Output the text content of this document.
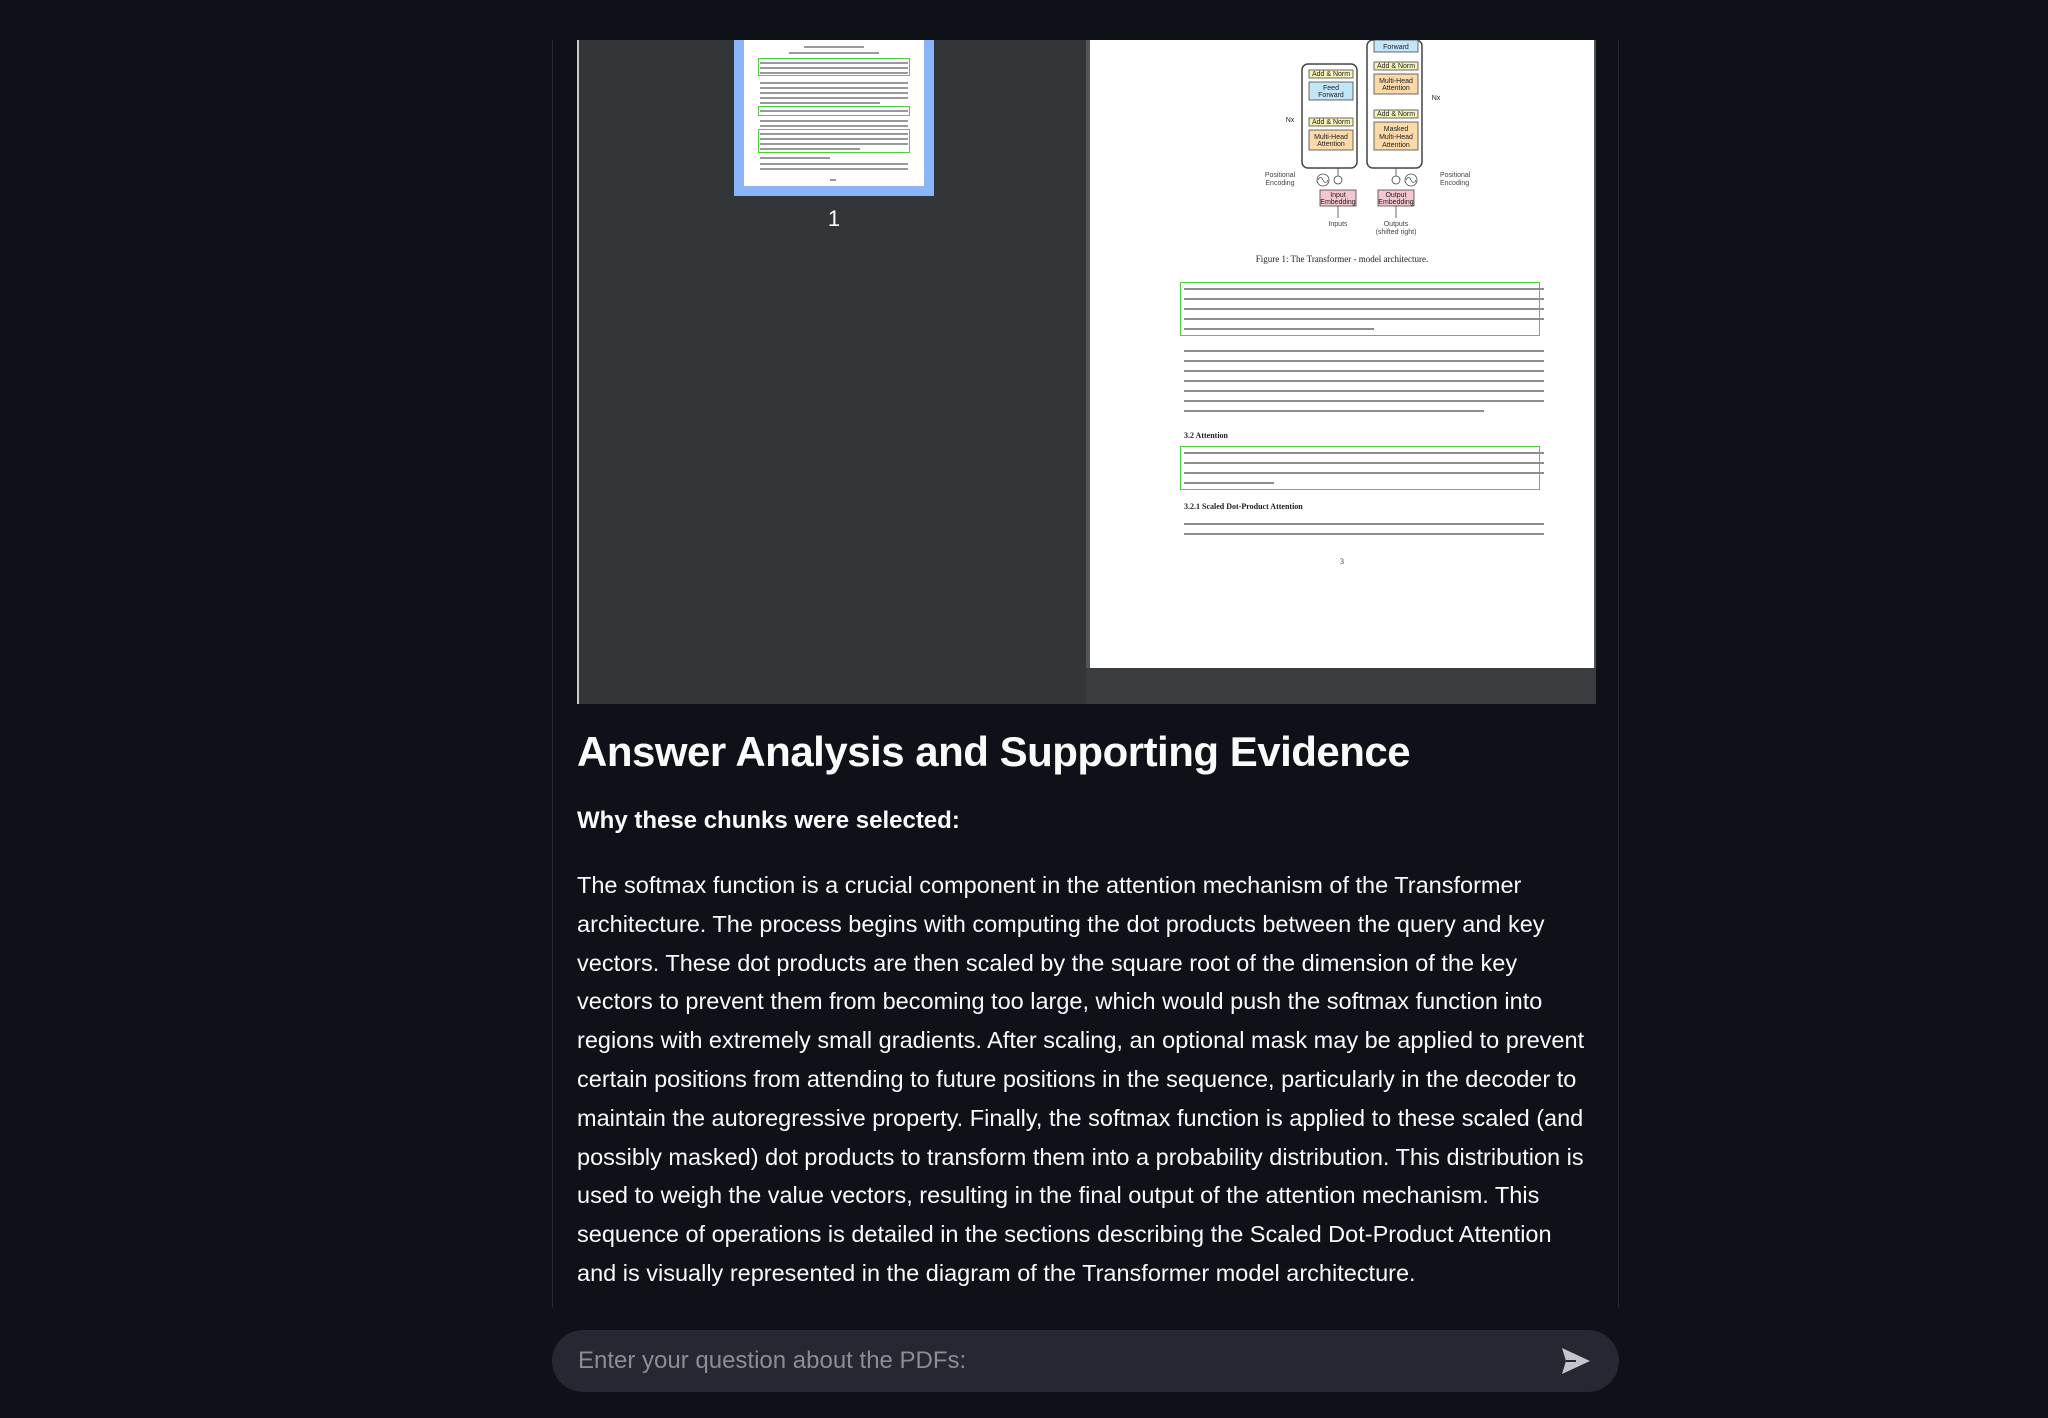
1
Add & Norm
Feed
Forward
Add & Norm
Multi-Head
Attention
Nx
Forward
Add & Norm
Multi-Head
Attention
Nx
Add & Norm
Masked
Multi-Head
Attention
Positional
Encoding
Positional
Encoding
Input
Embedding
Output
Embedding
Inputs	Outputs
(shifted right)
Figure 1: The Transformer - model architecture.
3.2 Attention
3.2.1 Scaled Dot-Product Attention
3
Answer Analysis and Supporting Evidence
Why these chunks were selected:
The softmax function is a crucial component in the attention mechanism of the Transformer architecture. The process begins with computing the dot products between the query and key vectors. These dot products are then scaled by the square root of the dimension of the key vectors to prevent them from becoming too large, which would push the softmax function into regions with extremely small gradients. After scaling, an optional mask may be applied to prevent certain positions from attending to future positions in the sequence, particularly in the decoder to maintain the autoregressive property. Finally, the softmax function is applied to these scaled (and possibly masked) dot products to transform them into a probability distribution. This distribution is used to weigh the value vectors, resulting in the final output of the attention mechanism. This sequence of operations is detailed in the sections describing the Scaled Dot-Product Attention and is visually represented in the diagram of the Transformer model architecture.
Enter your question about the PDFs:
